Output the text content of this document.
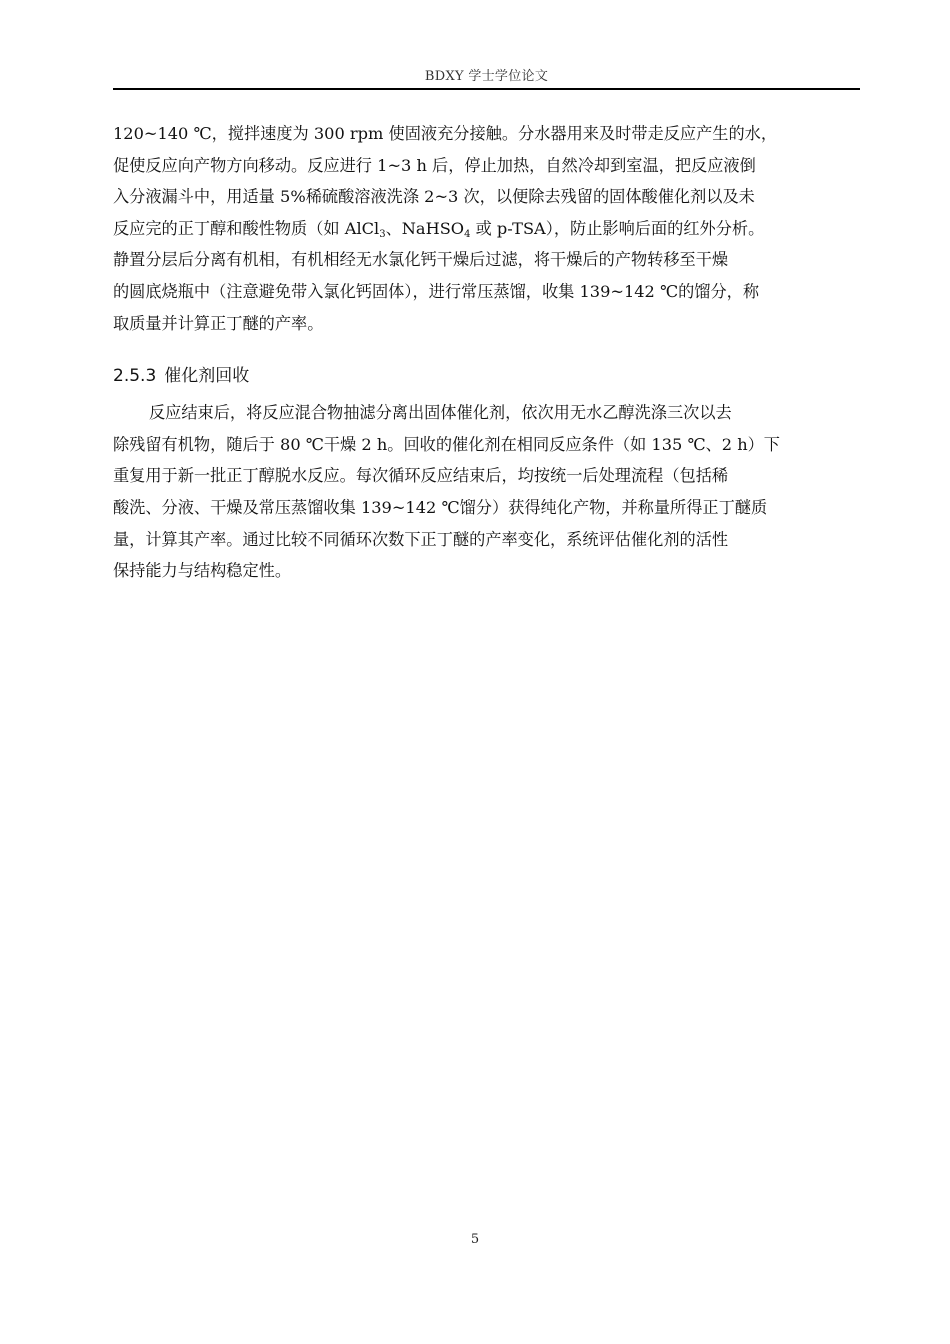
BDXY 学士学位论文

120~140 ℃，搅拌速度为 300 rpm 使固液充分接触。分水器用来及时带走反应产生的水，
促使反应向产物方向移动。反应进行 1~3 h 后，停止加热，自然冷却到室温，把反应液倒
入分液漏斗中，用适量 5%稀硫酸溶液洗涤 2~3 次，以便除去残留的固体酸催化剂以及未
反应完的正丁醇和酸性物质（如 AlCl$_3$、NaHSO$_4$ 或 p-TSA），防止影响后面的红外分析。
静置分层后分离有机相，有机相经无水氯化钙干燥后过滤，将干燥后的产物转移至干燥
的圆底烧瓶中（注意避免带入氯化钙固体），进行常压蒸馏，收集 139~142 ℃的馏分，称
取质量并计算正丁醚的产率。

2.5.3 催化剂回收

反应结束后，将反应混合物抽滤分离出固体催化剂，依次用无水乙醇洗涤三次以去
除残留有机物，随后于 80 ℃干燥 2 h。回收的催化剂在相同反应条件（如 135 ℃、2 h）下
重复用于新一批正丁醇脱水反应。每次循环反应结束后，均按统一后处理流程（包括稀
酸洗、分液、干燥及常压蒸馏收集 139~142 ℃馏分）获得纯化产物，并称量所得正丁醚质
量，计算其产率。通过比较不同循环次数下正丁醚的产率变化，系统评估催化剂的活性
保持能力与结构稳定性。

5
